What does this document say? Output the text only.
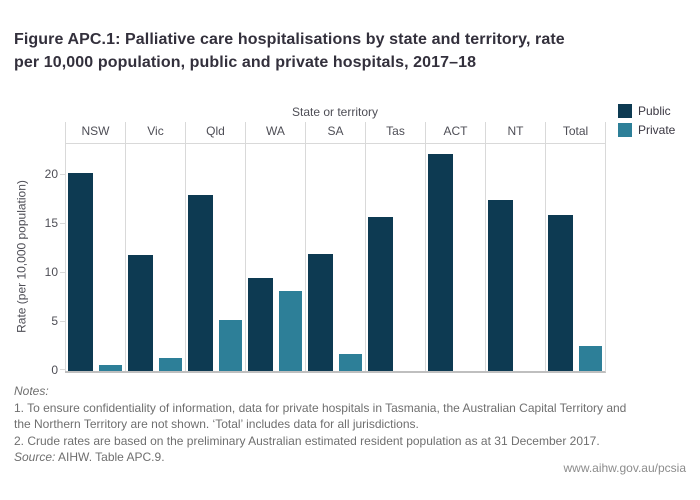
Figure APC.1: Palliative care hospitalisations by state and territory, rate
per 10,000 population, public and private hospitals, 2017–18
State or territory	Public
Private
NSW	Vic	Qld	WA	SA	Tas	ACT	NT	Total
Rate (per 10,000 population)
Notes:
1. To ensure confidentiality of information, data for private hospitals in Tasmania, the Australian Capital Territory and
the Northern Territory are not shown. ‘Total’ includes data for all jurisdictions.
2. Crude rates are based on the preliminary Australian estimated resident population as at 31 December 2017.
Source: AIHW. Table APC.9.
www.aihw.gov.au/pcsia
0
5
10
15
20
